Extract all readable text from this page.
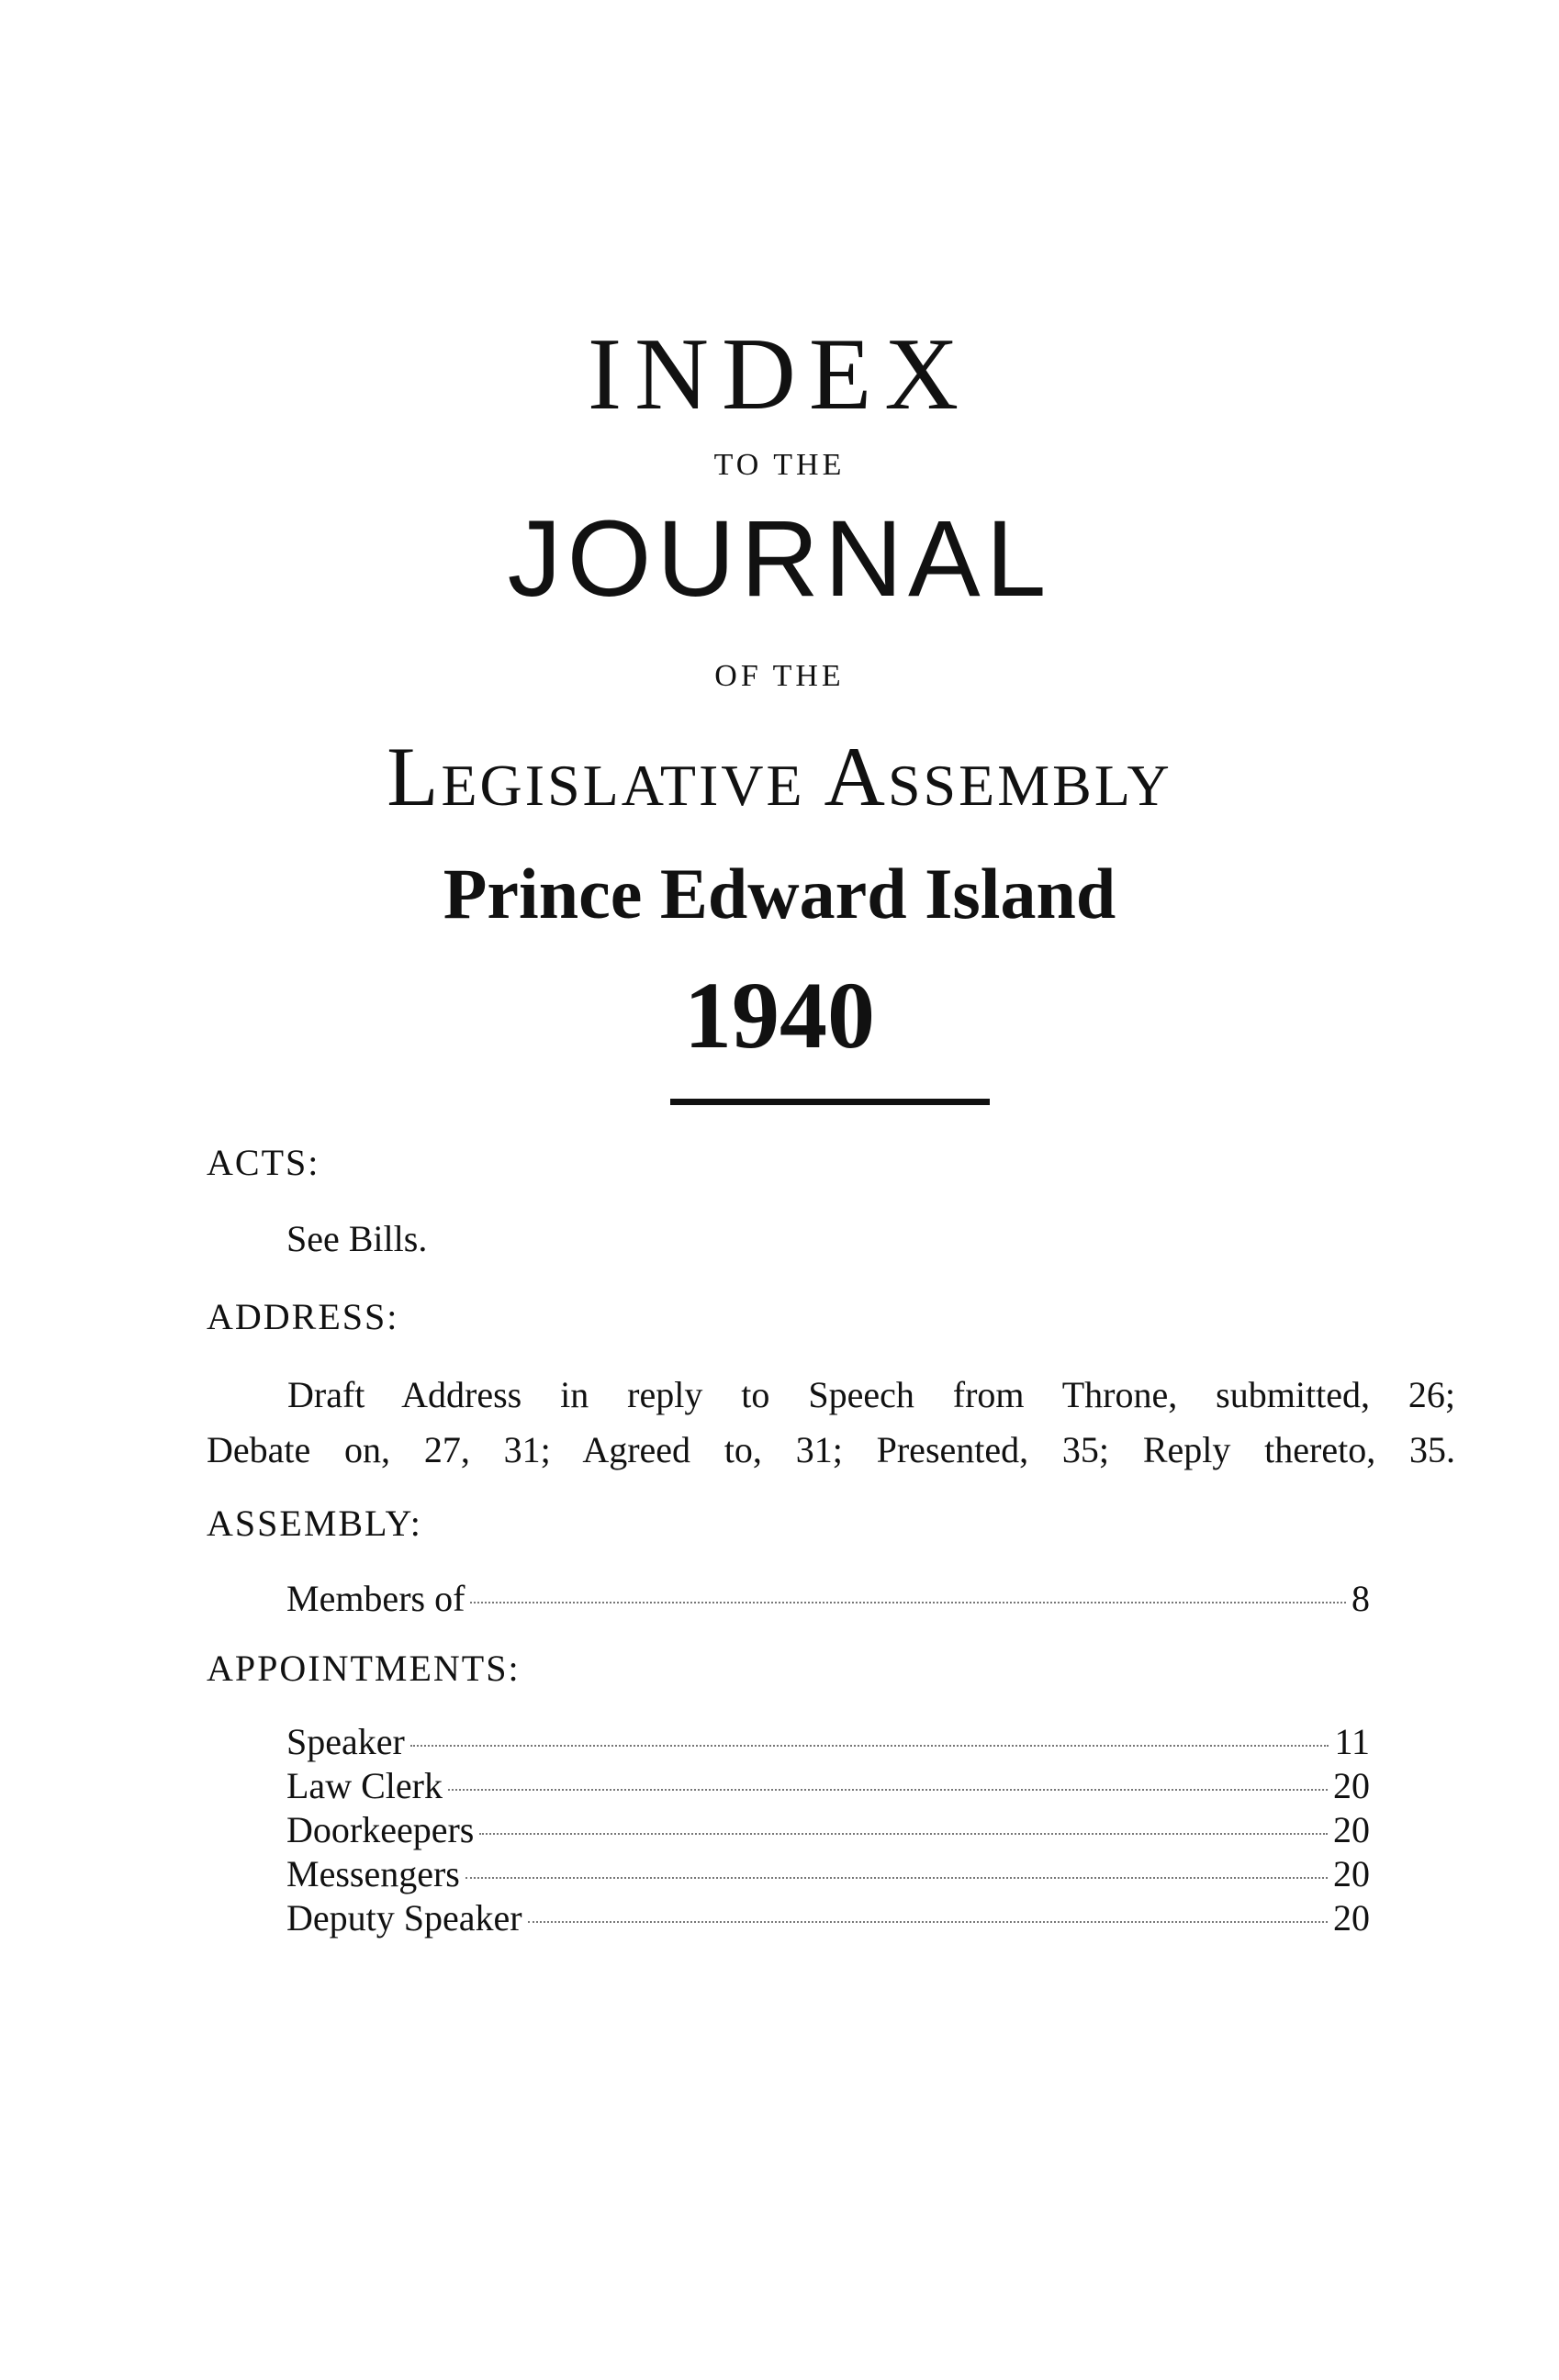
INDEX
TO THE
JOURNAL
OF THE
Legislative Assembly
Prince Edward Island
1940
ACTS:
See Bills.
ADDRESS:
Draft Address in reply to Speech from Throne, submitted, 26;
Debate on, 27, 31; Agreed to, 31; Presented, 35; Reply thereto, 35.
ASSEMBLY:
Members of	8
APPOINTMENTS:
Speaker	11
Law Clerk	20
Doorkeepers	20
Messengers	20
Deputy Speaker	20
